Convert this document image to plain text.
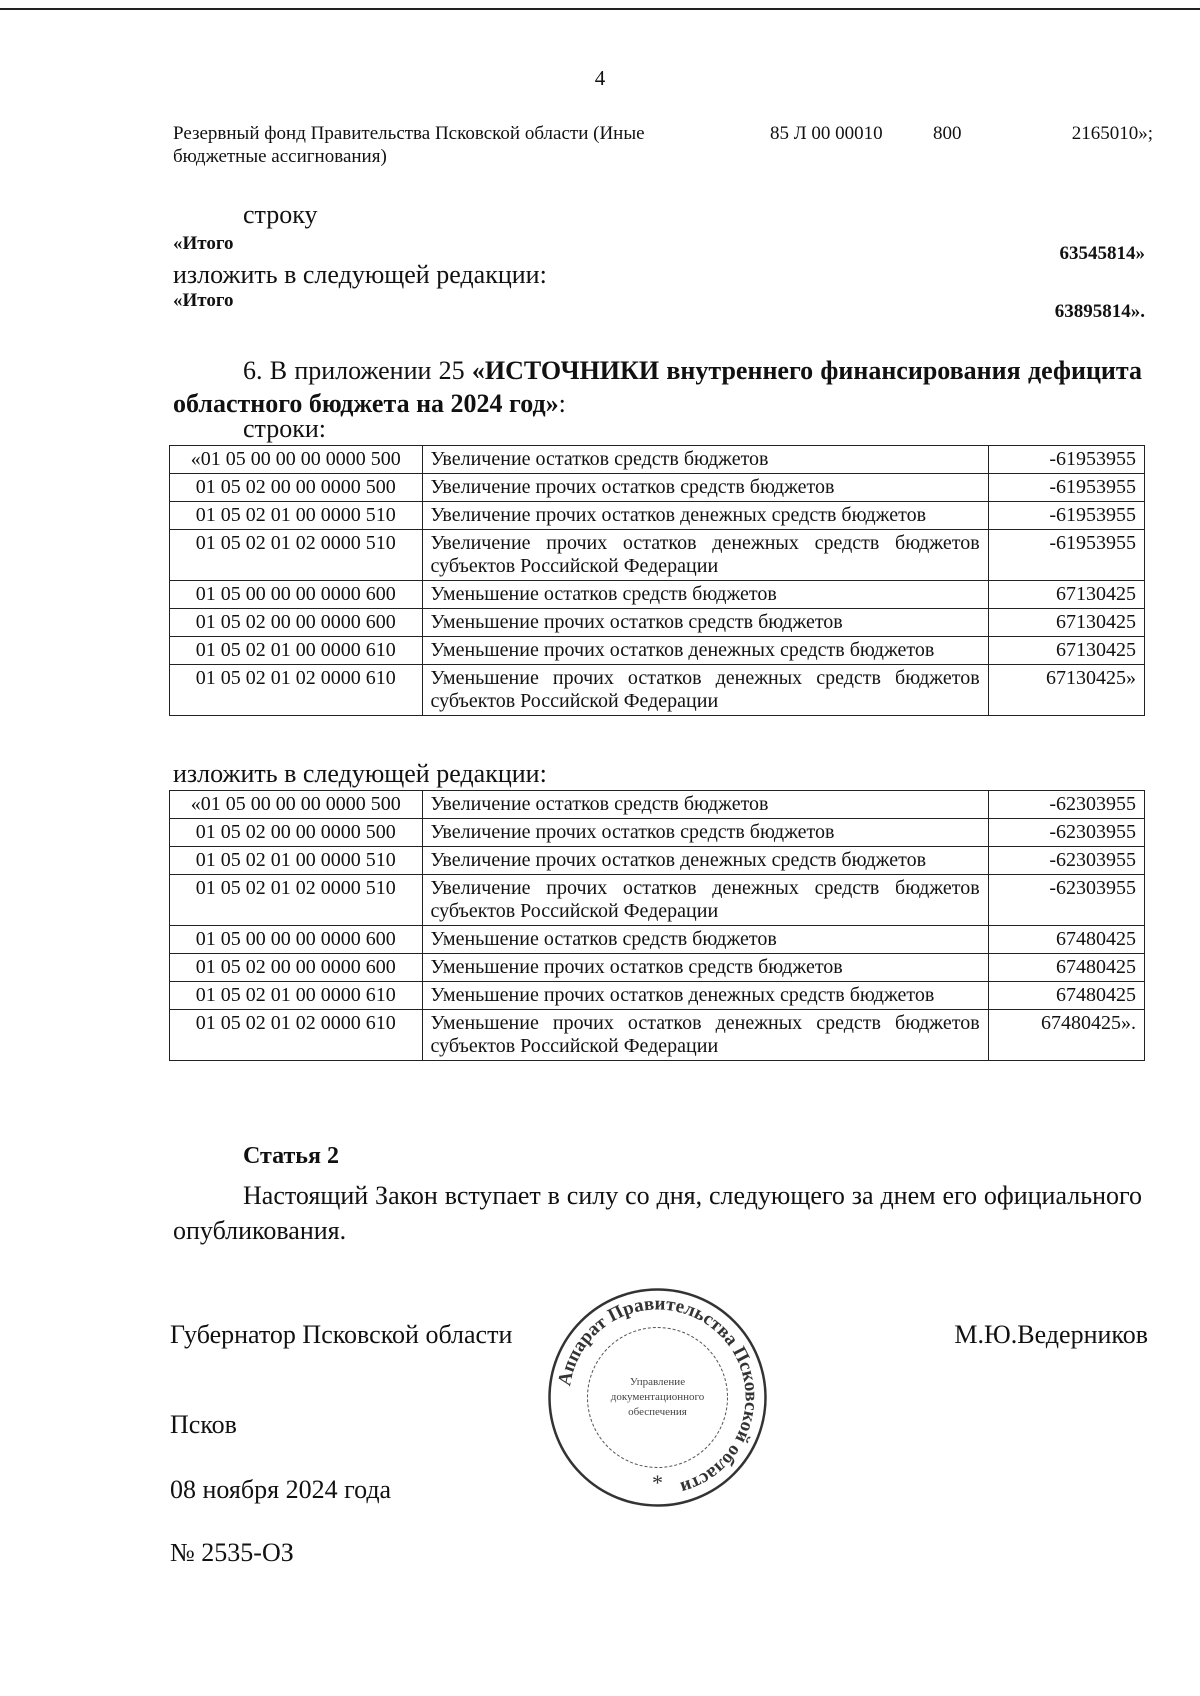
4
Резервный фонд Правительства Псковской области (Иные бюджетные ассигнования)
85 Л 00 00010	800	2165010»;
строку
«Итого	63545814»
изложить в следующей редакции:
«Итого
63895814».
6. В приложении 25 «ИСТОЧНИКИ внутреннего финансирования дефицита областного бюджета на 2024 год»:
строки:
«01 05 00 00 00 0000 500	Увеличение остатков средств бюджетов	-61953955
01 05 02 00 00 0000 500	Увеличение прочих остатков средств бюджетов	-61953955
01 05 02 01 00 0000 510	Увеличение прочих остатков денежных средств бюджетов	-61953955
01 05 02 01 02 0000 510	Увеличение прочих остатков денежных средств бюджетов субъектов Российской Федерации	-61953955
01 05 00 00 00 0000 600	Уменьшение остатков средств бюджетов	67130425
01 05 02 00 00 0000 600	Уменьшение прочих остатков средств бюджетов	67130425
01 05 02 01 00 0000 610	Уменьшение прочих остатков денежных средств бюджетов	67130425
01 05 02 01 02 0000 610	Уменьшение прочих остатков денежных средств бюджетов субъектов Российской Федерации	67130425»
изложить в следующей редакции:
«01 05 00 00 00 0000 500	Увеличение остатков средств бюджетов	-62303955
01 05 02 00 00 0000 500	Увеличение прочих остатков средств бюджетов	-62303955
01 05 02 01 00 0000 510	Увеличение прочих остатков денежных средств бюджетов	-62303955
01 05 02 01 02 0000 510	Увеличение прочих остатков денежных средств бюджетов субъектов Российской Федерации	-62303955
01 05 00 00 00 0000 600	Уменьшение остатков средств бюджетов	67480425
01 05 02 00 00 0000 600	Уменьшение прочих остатков средств бюджетов	67480425
01 05 02 01 00 0000 610	Уменьшение прочих остатков денежных средств бюджетов	67480425
01 05 02 01 02 0000 610	Уменьшение прочих остатков денежных средств бюджетов субъектов Российской Федерации	67480425».
Статья 2
Настоящий Закон вступает в силу со дня, следующего за днем его официального опубликования.
Губернатор Псковской области	М.Ю.Ведерников
Псков
08 ноября 2024 года
№ 2535-ОЗ
Аппарат Правительства Псковской области
Управление
документационного
обеспечения
*
